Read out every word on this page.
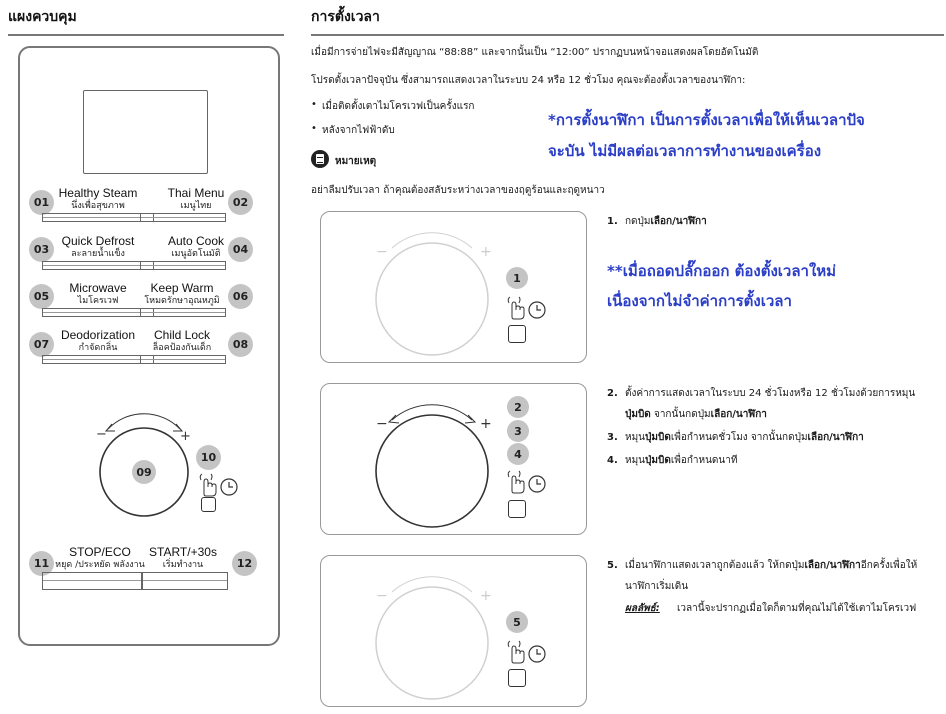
แผงควบคุม	การตั้งเวลา
01
Healthy Steam
นึ่งเพื่อสุขภาพ	02
Thai Menu
เมนูไทย
03
Quick Defrost
ละลายน้ำแข็ง	04
Auto Cook
เมนูอัตโนมัติ
05
Microwave
ไมโครเวฟ	06
Keep Warm
โหมดรักษาอุณหภูมิ
07
Deodorization
กำจัดกลิ่น	08
Child Lock
ล็อคป้องกันเด็ก
09
−	+
10
11
STOP/ECO
หยุด /ประหยัด พลังงาน	12
START/+30s
เริ่มทำงาน
เมื่อมีการจ่ายไฟจะมีสัญญาณ “88:88” และจากนั้นเป็น “12:00” ปรากฏบนหน้าจอแสดงผลโดยอัตโนมัติ
โปรดตั้งเวลาปัจจุบัน ซึ่งสามารถแสดงเวลาในระบบ 24 หรือ 12 ชั่วโมง คุณจะต้องตั้งเวลาของนาฬิกา:
• เมื่อติดตั้งเตาไมโครเวฟเป็นครั้งแรก
• หลังจากไฟฟ้าดับ
*การตั้งนาฬิกา เป็นการตั้งเวลาเพื่อให้เห็นเวลาปัจ
จะบัน ไม่มีผลต่อเวลาการทำงานของเครื่อง
หมายเหตุ
อย่าลืมปรับเวลา ถ้าคุณต้องสลับระหว่างเวลาของฤดูร้อนและฤดูหนาว
−	+
1
−	+
2
3
4
−	+
5
1. กดปุ่มเลือก/นาฬิกา
**เมื่อถอดปลั๊กออก ต้องตั้งเวลาใหม่
เนื่องจากไม่จำค่าการตั้งเวลา
2. ตั้งค่าการแสดงเวลาในระบบ 24 ชั่วโมงหรือ 12 ชั่วโมงด้วยการหมุน
ปุ่มบิด จากนั้นกดปุ่มเลือก/นาฬิกา
3. หมุนปุ่มบิดเพื่อกำหนดชั่วโมง จากนั้นกดปุ่มเลือก/นาฬิกา
4. หมุนปุ่มบิดเพื่อกำหนดนาที
5. เมื่อนาฬิกาแสดงเวลาถูกต้องแล้ว ให้กดปุ่มเลือก/นาฬิกาอีกครั้งเพื่อให้
นาฬิกาเริ่มเดิน
ผลลัพธ์: เวลานี้จะปรากฏเมื่อใดก็ตามที่คุณไม่ได้ใช้เตาไมโครเวฟ
